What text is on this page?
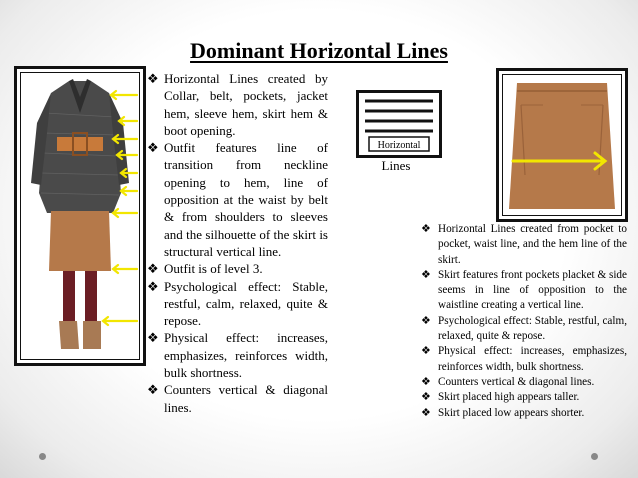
Dominant Horizontal Lines
❖ Horizontal Lines created by Collar, belt, pockets, jacket hem, sleeve hem, skirt hem & boot opening.
❖ Outfit features line of transition from neckline opening to hem, line of opposition at the waist by belt & from shoulders to sleeves and the silhouette of the skirt is structural vertical line.
❖ Outfit is of level 3.
❖ Psychological effect: Stable, restful, calm, relaxed, quite & repose.
❖ Physical effect: increases, emphasizes, reinforces width, bulk shortness.
❖ Counters vertical & diagonal lines.
Horizontal
Lines
❖ Horizontal Lines created from pocket to pocket, waist line, and the hem line of the skirt.
❖ Skirt features front pockets placket & side seems in line of opposition to the waistline creating a vertical line.
❖ Psychological effect: Stable, restful, calm, relaxed, quite & repose.
❖ Physical effect: increases, emphasizes, reinforces width, bulk shortness.
❖ Counters vertical & diagonal lines.
❖ Skirt placed high appears taller.
❖ Skirt placed low appears shorter.
